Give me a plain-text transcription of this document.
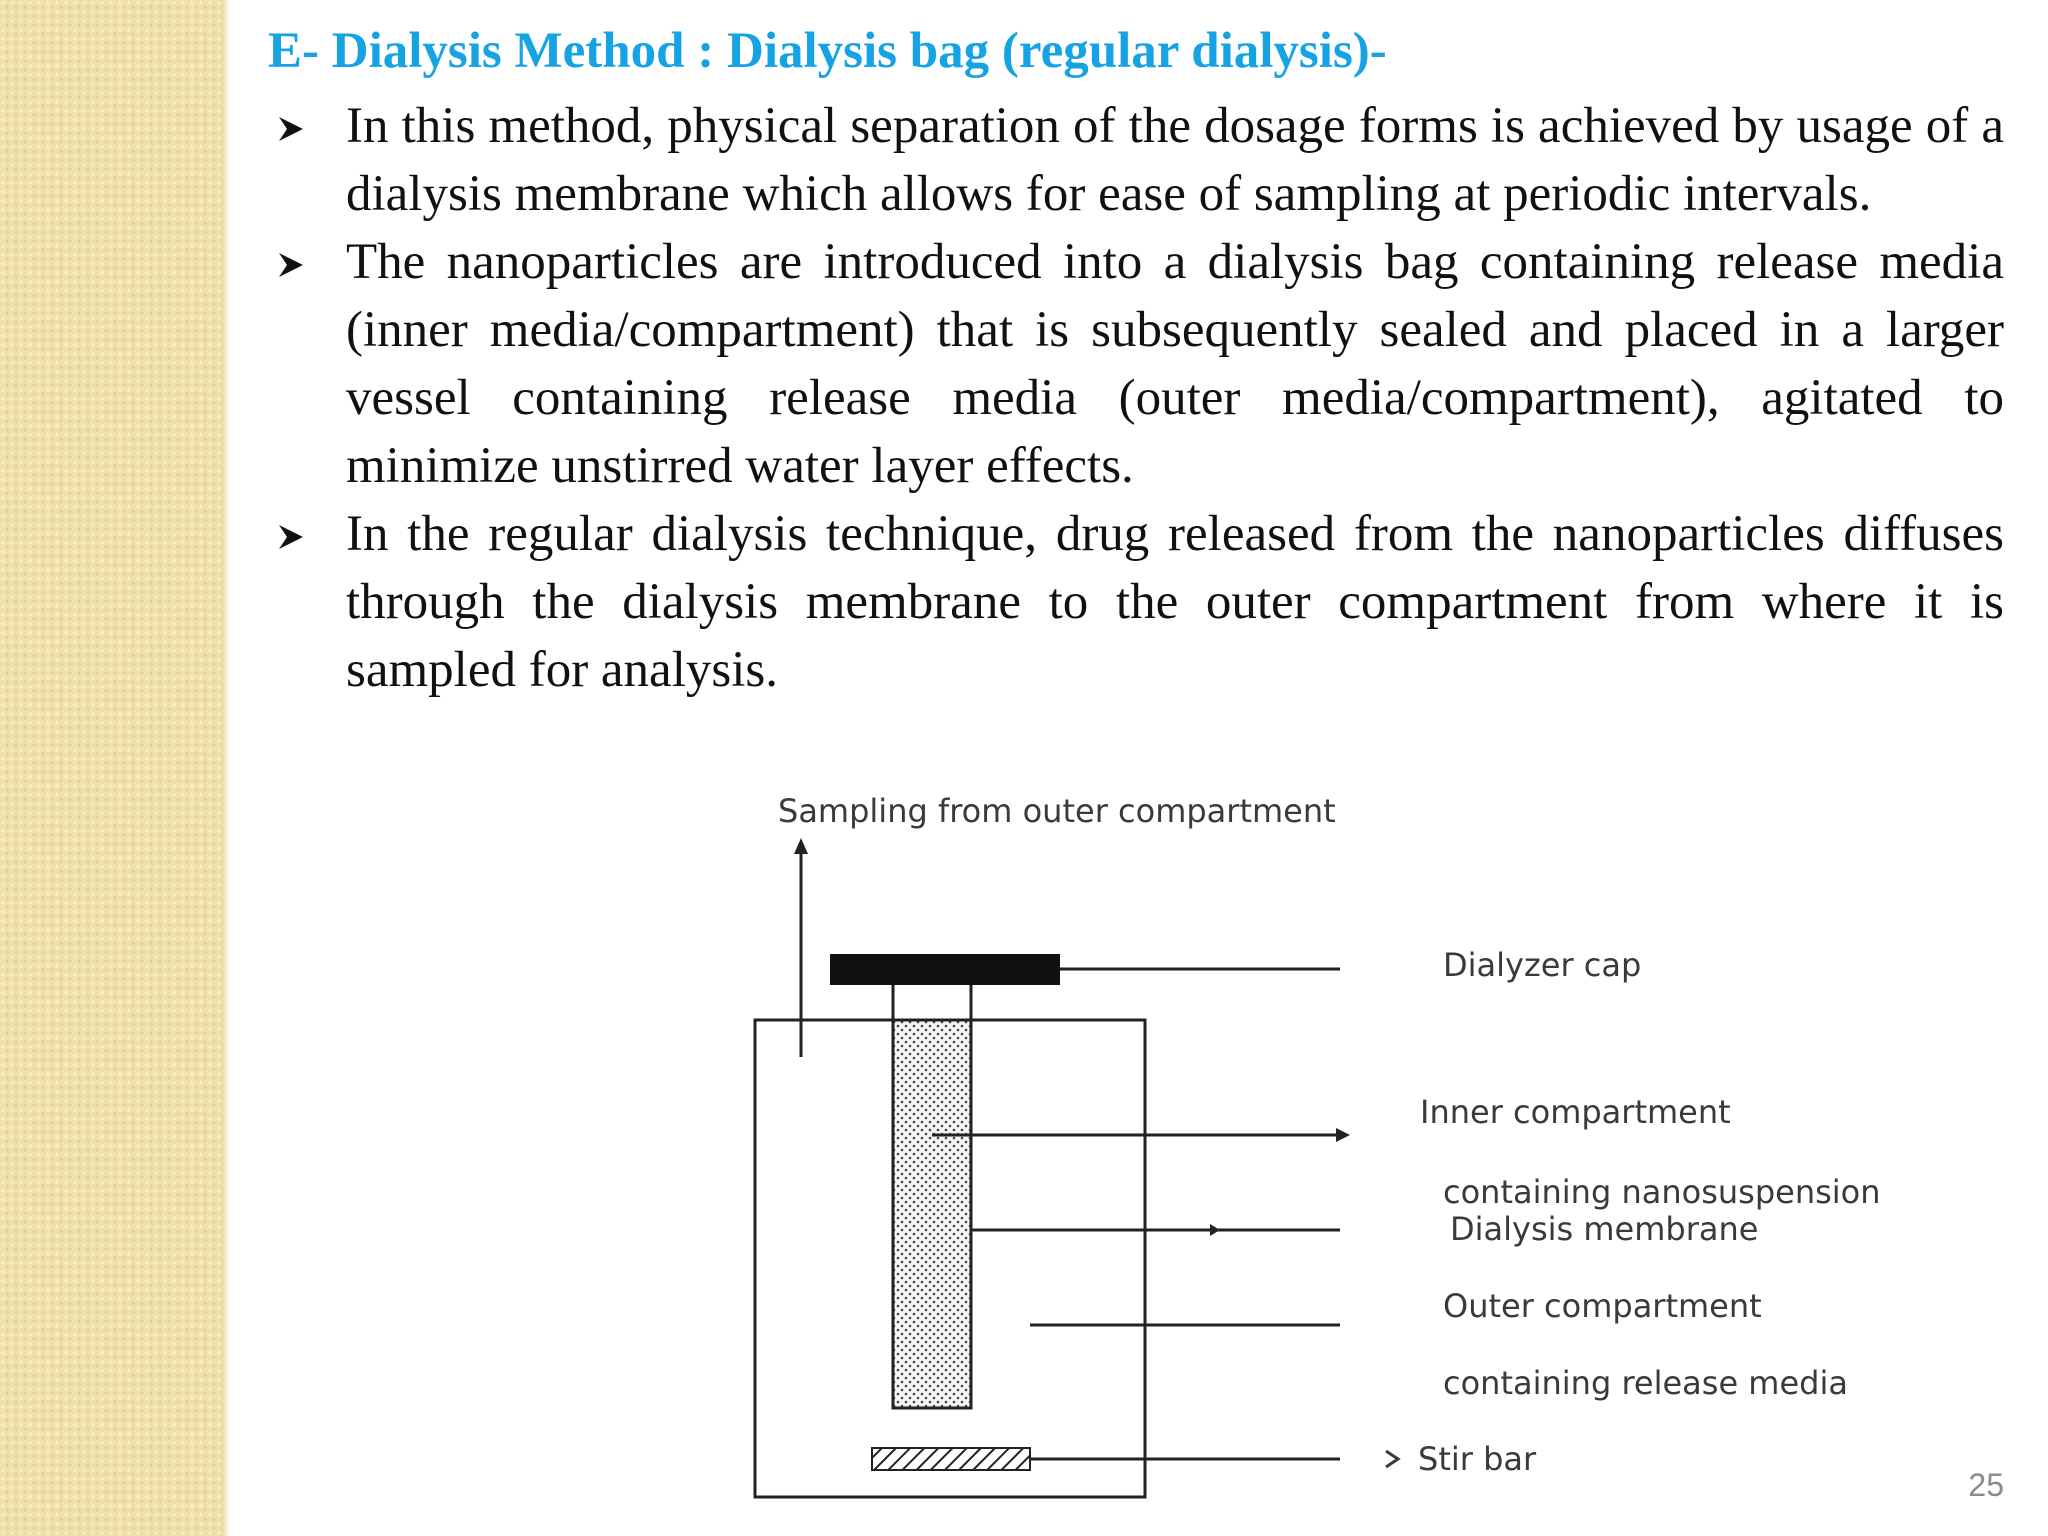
E- Dialysis Method : Dialysis bag (regular dialysis)-
In this method, physical separation of the dosage forms is achieved by usage of a dialysis membrane which allows for ease of sampling at periodic intervals.
The nanoparticles are introduced into a dialysis bag containing release media (inner media/compartment) that is subsequently sealed and placed in a larger vessel containing release media (outer media/compartment), agitated to minimize unstirred water layer effects.
In the regular dialysis technique, drug released from the nanoparticles diffuses through the dialysis membrane to the outer compartment from where it is sampled for analysis.
Sampling from outer compartment
Dialyzer cap
Inner compartment
containing nanosuspension
Dialysis membrane
Outer compartment
containing release media
Stir bar
25
